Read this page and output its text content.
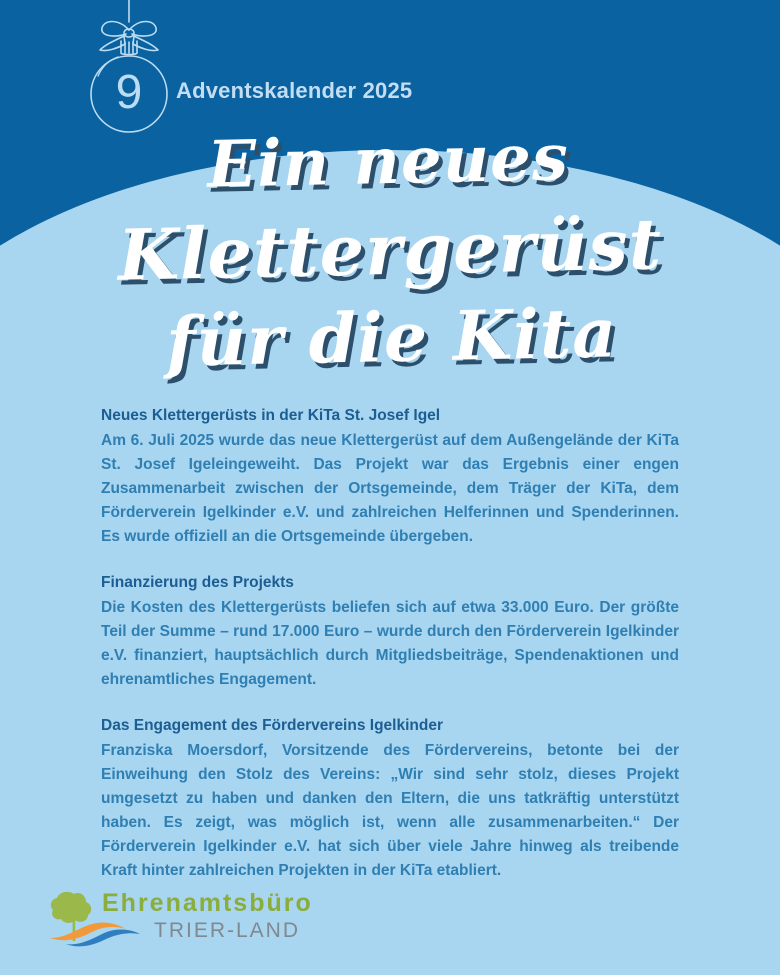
9 Adventskalender 2025
Ein neues
Klettergerüst
für die Kita

Neues Klettergerüsts in der KiTa St. Josef Igel

Am 6. Juli 2025 wurde das neue Klettergerüst auf dem Außengelände der KiTa St. Josef Igeleingeweiht. Das Projekt war das Ergebnis einer engen Zusammenarbeit zwischen der Ortsgemeinde, dem Träger der KiTa, dem Förderverein Igelkinder e.V. und zahlreichen Helferinnen und Spenderinnen. Es wurde offiziell an die Ortsgemeinde übergeben.

Finanzierung des Projekts

Die Kosten des Klettergerüsts beliefen sich auf etwa 33.000 Euro. Der größte Teil der Summe – rund 17.000 Euro – wurde durch den Förderverein Igelkinder e.V. finanziert, hauptsächlich durch Mitgliedsbeiträge, Spendenaktionen und ehrenamtliches Engagement.

Das Engagement des Fördervereins Igelkinder

Franziska Moersdorf, Vorsitzende des Fördervereins, betonte bei der Einweihung den Stolz des Vereins: „Wir sind sehr stolz, dieses Projekt umgesetzt zu haben und danken den Eltern, die uns tatkräftig unterstützt haben. Es zeigt, was möglich ist, wenn alle zusammenarbeiten.“ Der Förderverein Igelkinder e.V. hat sich über viele Jahre hinweg als treibende Kraft hinter zahlreichen Projekten in der KiTa etabliert.

Ehrenamtsbüro
TRIER-LAND
